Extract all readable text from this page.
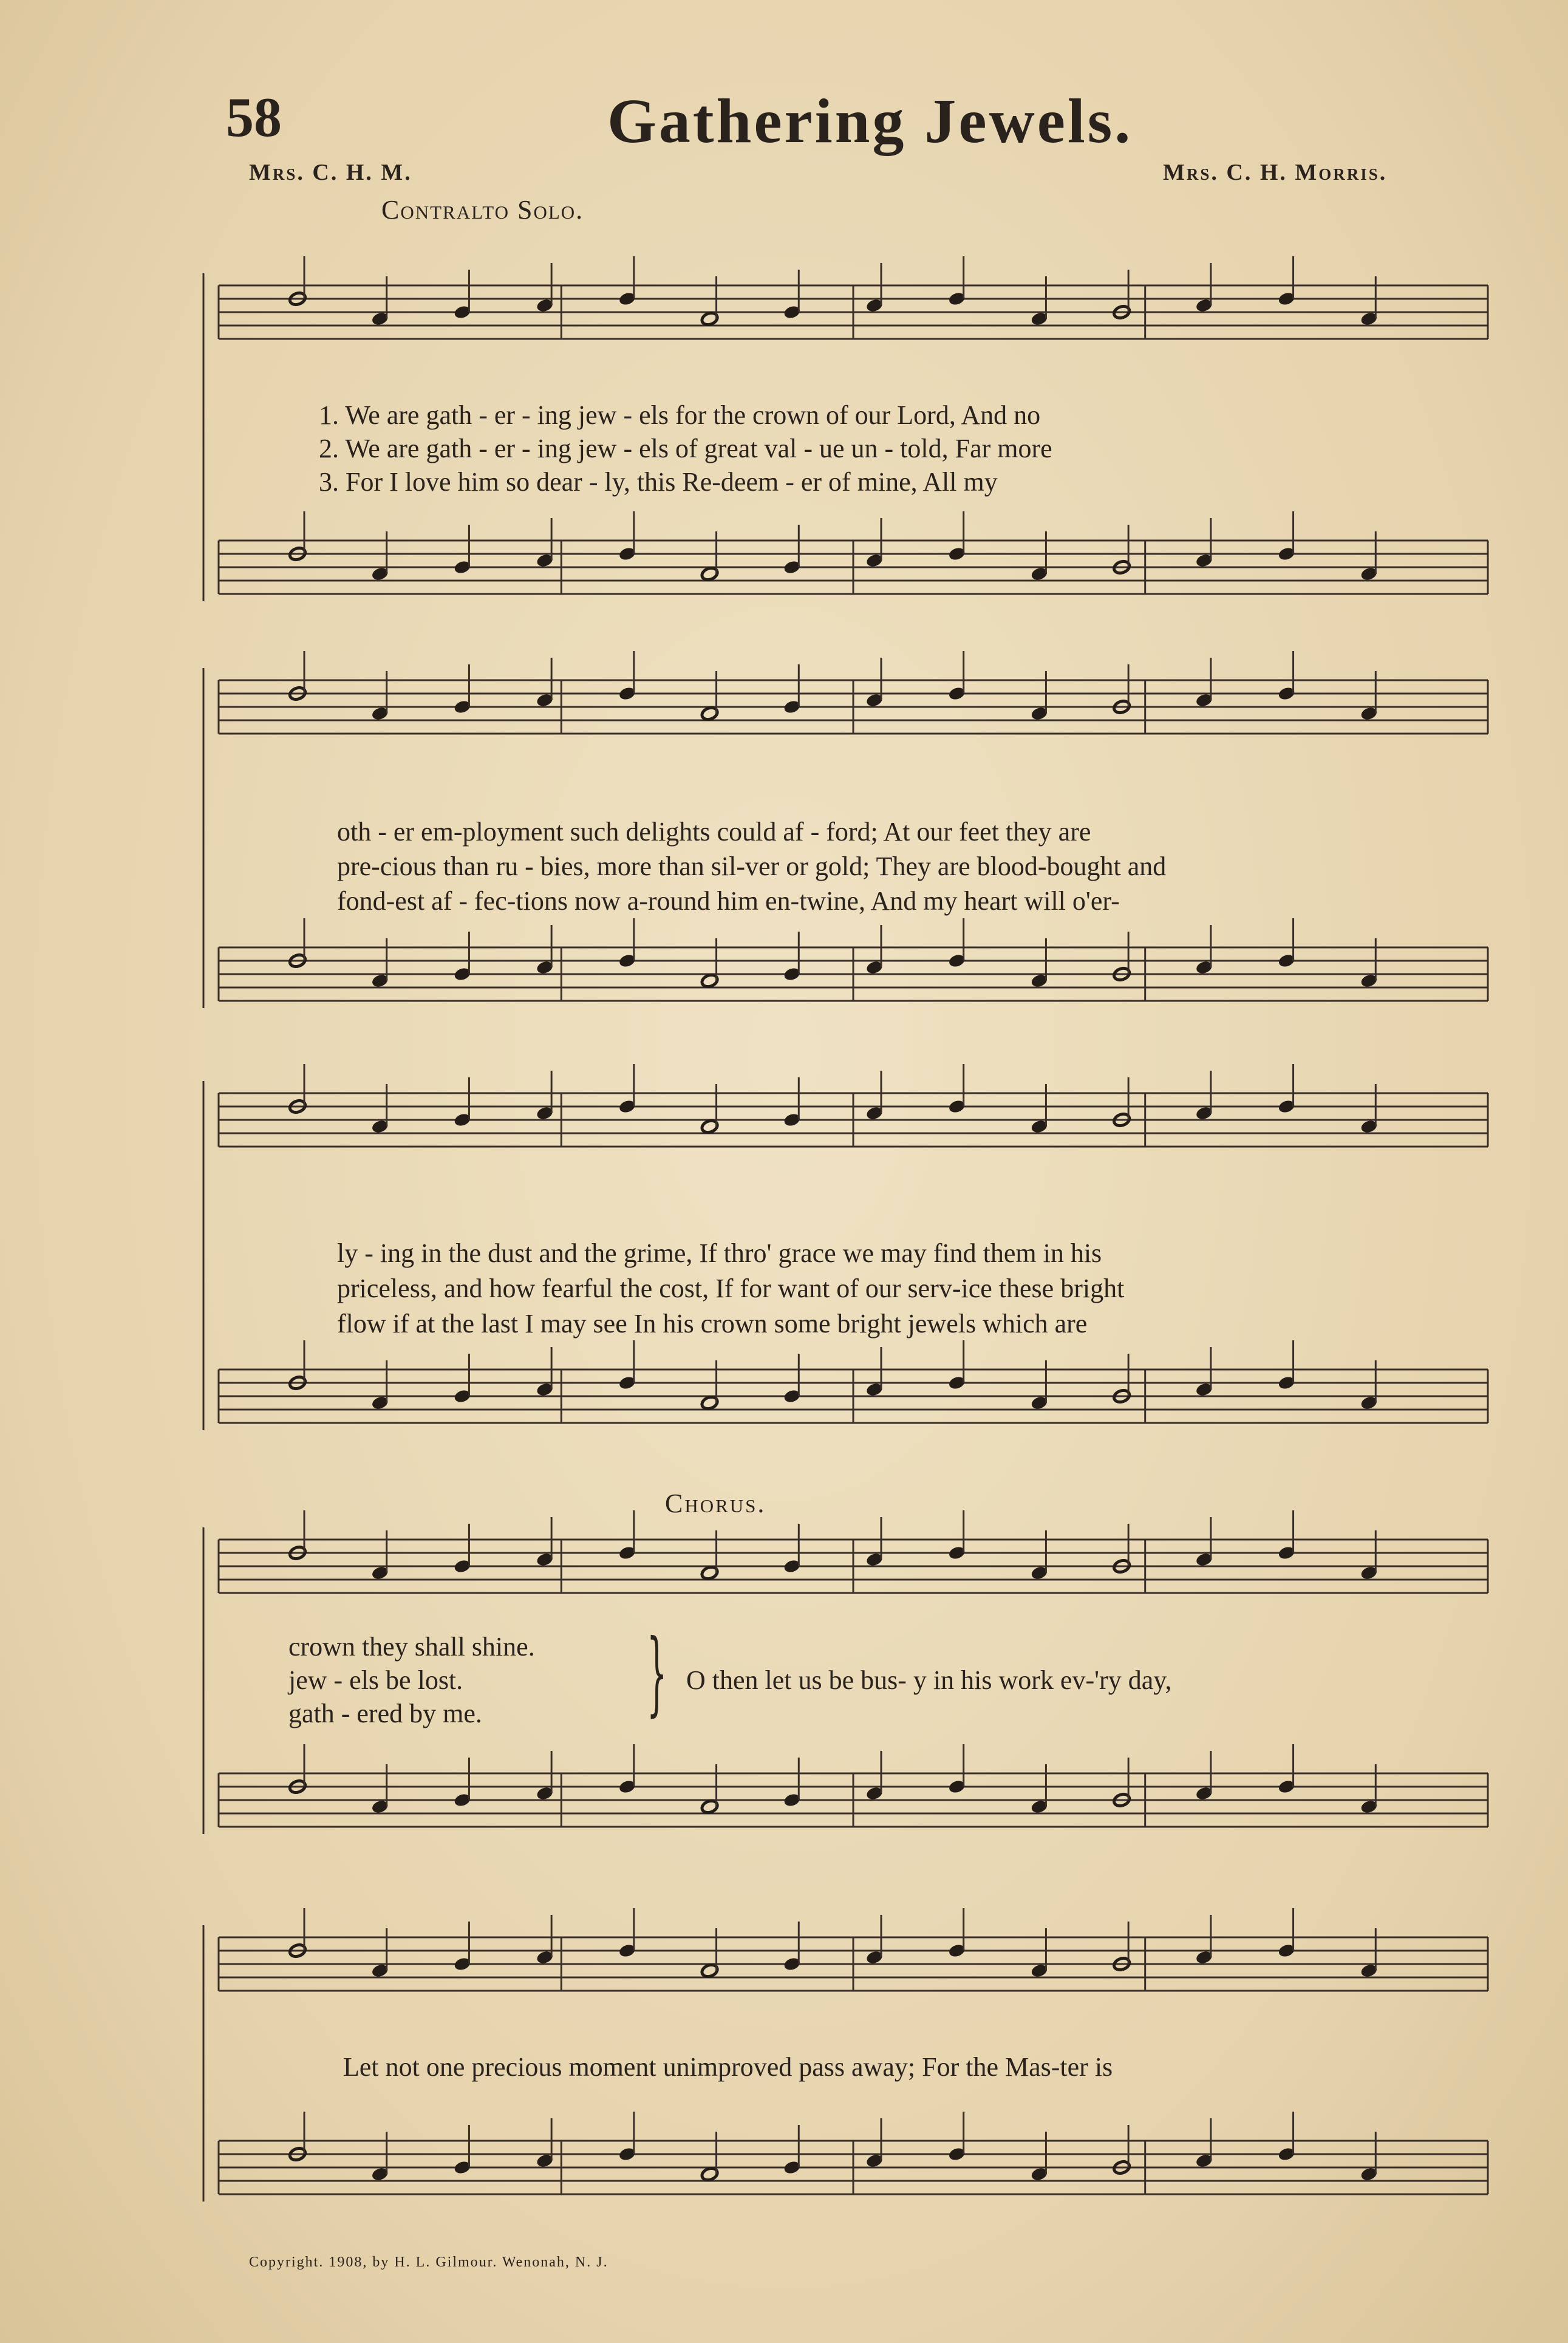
58	Gathering Jewels.
Mrs. C. H. M.	Mrs. C. H. Morris.
Contralto Solo.
1. We are gath - er - ing jew - els for the crown of our Lord, And no
2. We are gath - er - ing jew - els of great val - ue un - told, Far more
3. For I love him so dear - ly, this Re-deem - er of mine, All my
oth - er em-ployment such delights could af - ford; At our feet they are
pre-cious than ru - bies, more than sil-ver or gold; They are blood-bought and
fond-est af - fec-tions now a-round him en-twine, And my heart will o'er-
ly - ing in the dust and the grime, If thro' grace we may find them in his
priceless, and how fearful the cost, If for want of our serv-ice these bright
flow if at the last I may see In his crown some bright jewels which are
Chorus.
crown they shall shine.
jew - els be lost.
gath - ered by me. } O then let us be bus- y in his work ev-'ry day,
Let not one precious moment unimproved pass away; For the Mas-ter is
Copyright. 1908, by H. L. Gilmour. Wenonah, N. J.
